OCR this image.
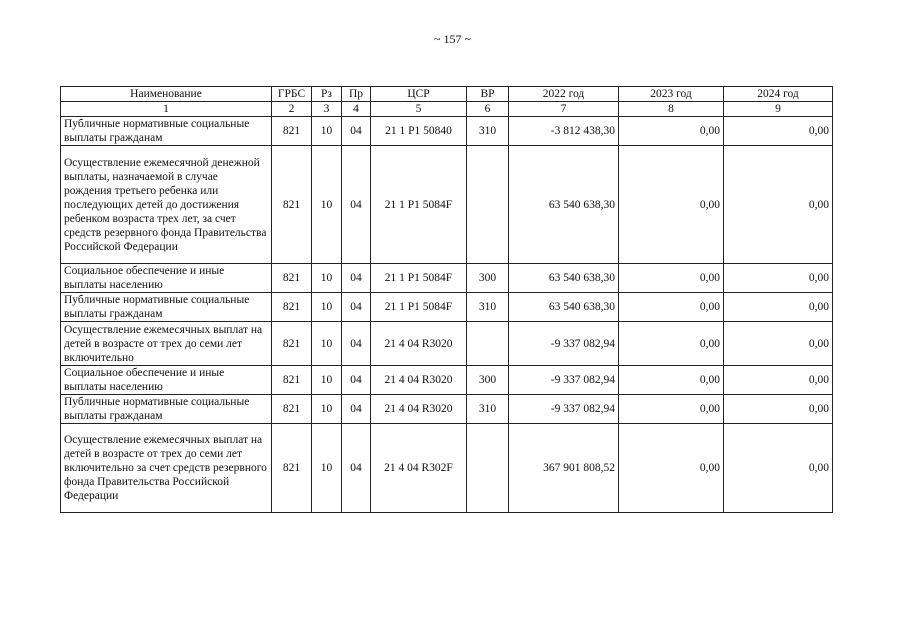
~ 157 ~
Наименование	ГРБС	Рз	Пр	ЦСР	ВР	2022 год	2023 год	2024 год
1	2	3	4	5	6	7	8	9
Публичные нормативные социальные выплаты гражданам	821	10	04	21 1 P1 50840	310	-3 812 438,30	0,00	0,00
Осуществление ежемесячной денежной выплаты, назначаемой в случае рождения третьего ребенка или последующих детей до достижения ребенком возраста трех лет, за счет средств резервного фонда Правительства Российской Федерации	821	10	04	21 1 P1 5084F		63 540 638,30	0,00	0,00
Социальное обеспечение и иные выплаты населению	821	10	04	21 1 P1 5084F	300	63 540 638,30	0,00	0,00
Публичные нормативные социальные выплаты гражданам	821	10	04	21 1 P1 5084F	310	63 540 638,30	0,00	0,00
Осуществление ежемесячных выплат на детей в возрасте от трех до семи лет включительно	821	10	04	21 4 04 R3020		-9 337 082,94	0,00	0,00
Социальное обеспечение и иные выплаты населению	821	10	04	21 4 04 R3020	300	-9 337 082,94	0,00	0,00
Публичные нормативные социальные выплаты гражданам	821	10	04	21 4 04 R3020	310	-9 337 082,94	0,00	0,00
Осуществление ежемесячных выплат на детей в возрасте от трех до семи лет включительно за счет средств резервного фонда Правительства Российской Федерации	821	10	04	21 4 04 R302F		367 901 808,52	0,00	0,00
